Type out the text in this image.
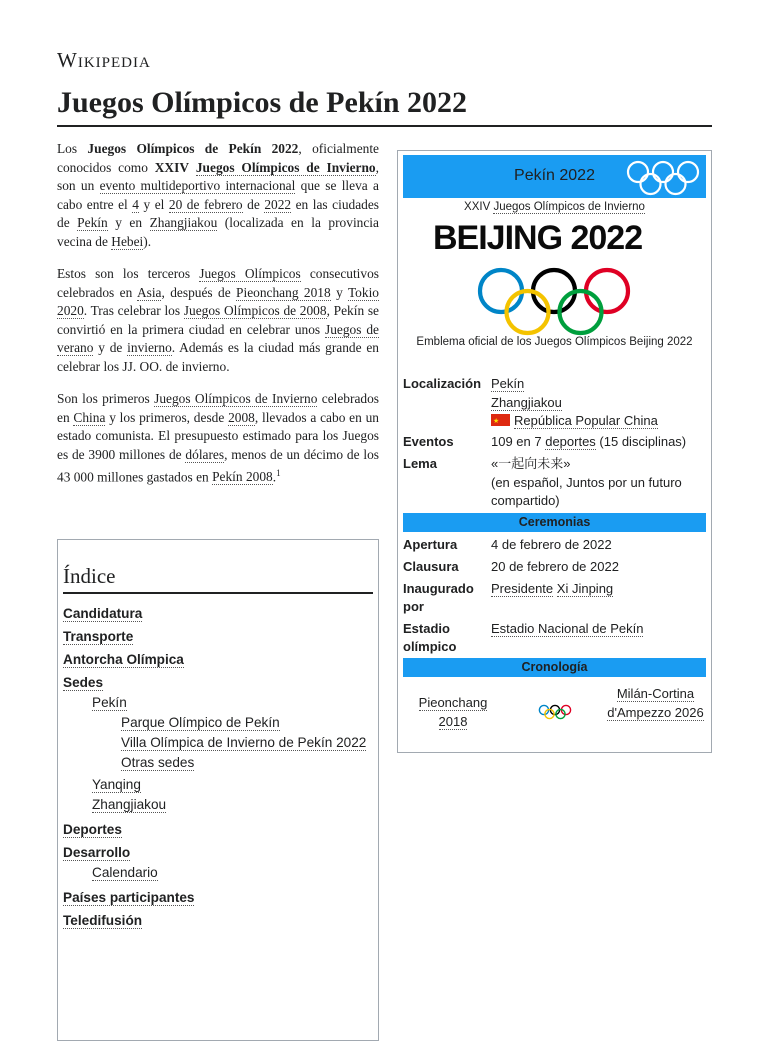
Wikipedia
Juegos Olímpicos de Pekín 2022

Los Juegos Olímpicos de Pekín 2022, oficialmente conocidos como XXIV Juegos Olímpicos de Invierno, son un evento multideportivo internacional que se lleva a cabo entre el 4 y el 20 de febrero de 2022 en las ciudades de Pekín y en Zhangjiakou (localizada en la provincia vecina de Hebei).

Estos son los terceros Juegos Olímpicos consecutivos celebrados en Asia, después de Pieonchang 2018 y Tokio 2020. Tras celebrar los Juegos Olímpicos de 2008, Pekín se convirtió en la primera ciudad en celebrar unos Juegos de verano y de invierno. Además es la ciudad más grande en celebrar los JJ. OO. de invierno.

Son los primeros Juegos Olímpicos de Invierno celebrados en China y los primeros, desde 2008, llevados a cabo en un estado comunista. El presupuesto estimado para los Juegos es de 3900 millones de dólares, menos de un décimo de los 43 000 millones gastados en Pekín 2008.$^1$

Índice
Candidatura
Transporte
Antorcha Olímpica
Sedes
Pekín
Parque Olímpico de Pekín
Villa Olímpica de Invierno de Pekín 2022
Otras sedes
Yanqing
Zhangjiakou
Deportes
Desarrollo
Calendario
Países participantes
Teledifusión
Pekín 2022
XXIV Juegos Olímpicos de Invierno
BEIJING 2022
Emblema oficial de los Juegos Olímpicos Beijing 2022
Localización Pekín
Zhangjiakou
★República Popular China
Eventos	109 en 7 deportes (15 disciplinas)
Lema	«一起向未来»
(en español, Juntos por un futuro compartido)
Ceremonias
Apertura	4 de febrero de 2022
Clausura 20 de febrero de 2022
Inaugurado por
Presidente Xi Jinping
Estadio olímpico
Estadio Nacional de Pekín
Cronología
Pieonchang 2018
Milán-Cortina d'Ampezzo 2026
